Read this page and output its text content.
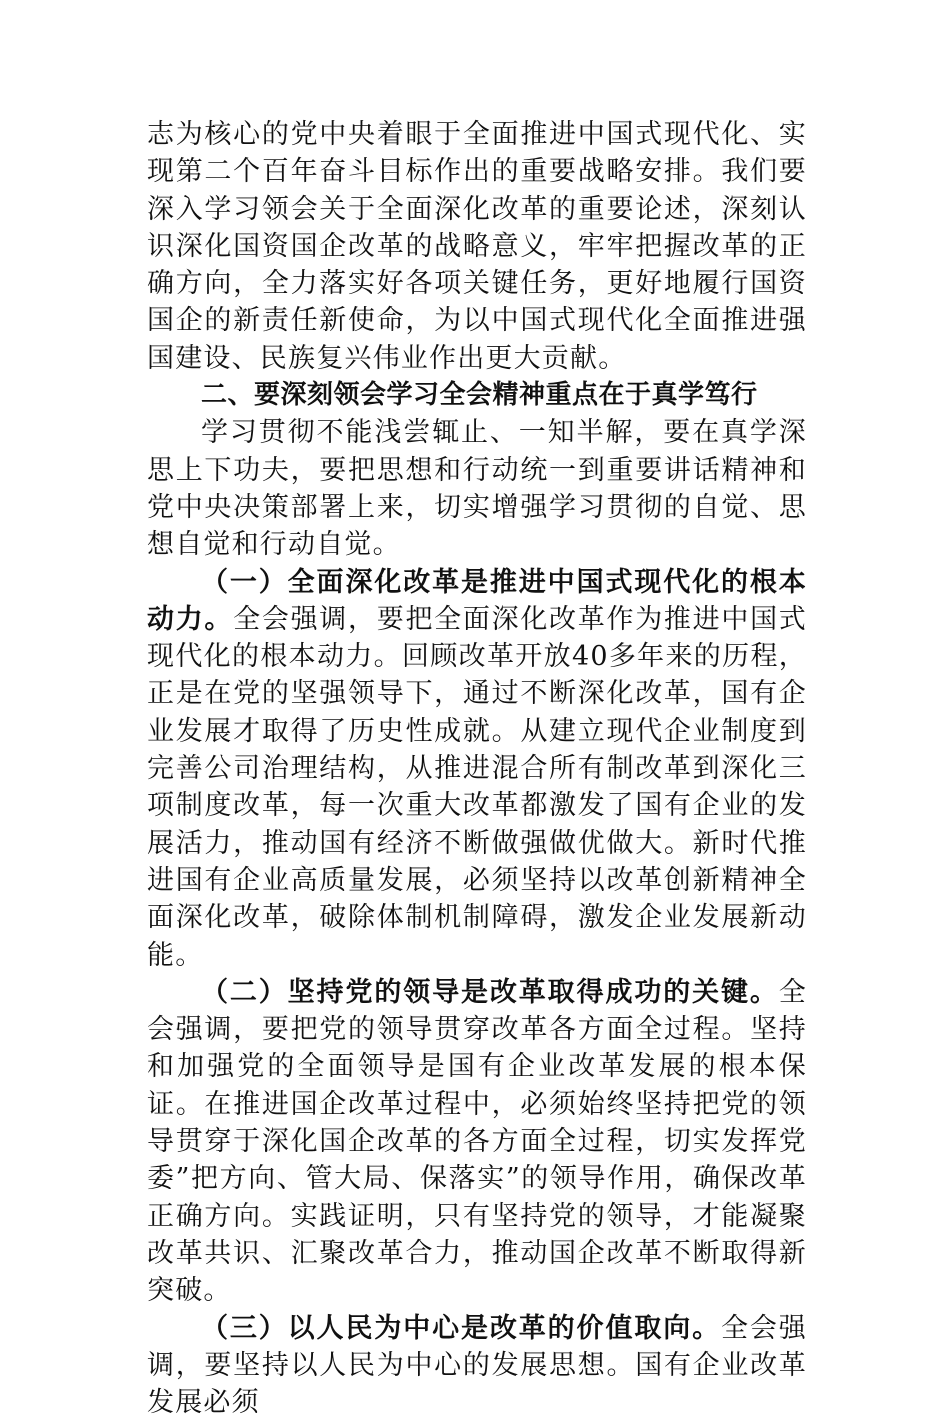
志为核心的党中央着眼于全面推进中国式现代化、实现第二个百年奋斗目标作出的重要战略安排。我们要深入学习领会关于全面深化改革的重要论述，深刻认识深化国资国企改革的战略意义，牢牢把握改革的正确方向，全力落实好各项关键任务，更好地履行国资国企的新责任新使命，为以中国式现代化全面推进强国建设、民族复兴伟业作出更大贡献。

二、要深刻领会学习全会精神重点在于真学笃行

学习贯彻不能浅尝辄止、一知半解，要在真学深思上下功夫，要把思想和行动统一到重要讲话精神和党中央决策部署上来，切实增强学习贯彻的自觉、思想自觉和行动自觉。

（一）全面深化改革是推进中国式现代化的根本动力。全会强调，要把全面深化改革作为推进中国式现代化的根本动力。回顾改革开放40多年来的历程，正是在党的坚强领导下，通过不断深化改革，国有企业发展才取得了历史性成就。从建立现代企业制度到完善公司治理结构，从推进混合所有制改革到深化三项制度改革，每一次重大改革都激发了国有企业的发展活力，推动国有经济不断做强做优做大。新时代推进国有企业高质量发展，必须坚持以改革创新精神全面深化改革，破除体制机制障碍，激发企业发展新动能。

（二）坚持党的领导是改革取得成功的关键。全会强调，要把党的领导贯穿改革各方面全过程。坚持和加强党的全面领导是国有企业改革发展的根本保证。在推进国企改革过程中，必须始终坚持把党的领导贯穿于深化国企改革的各方面全过程，切实发挥党委”把方向、管大局、保落实”的领导作用，确保改革正确方向。实践证明，只有坚持党的领导，才能凝聚改革共识、汇聚改革合力，推动国企改革不断取得新突破。

（三）以人民为中心是改革的价值取向。全会强调，要坚持以人民为中心的发展思想。国有企业改革发展必须
